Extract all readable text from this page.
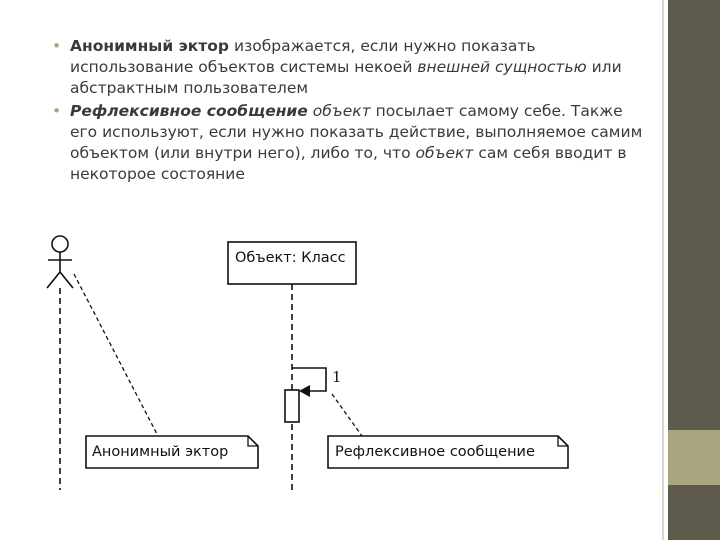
• Анонимный эктор изображается, если нужно показать использование объектов системы некоей внешней сущностью или абстрактным пользователем
• Рефлексивное сообщение объект посылает самому себе. Также его используют, если нужно показать действие, выполняемое самим объектом (или внутри него), либо то, что объект сам себя вводит в некоторое состояние
Объект: Класс
1
Анонимный эктор	Рефлексивное сообщение
